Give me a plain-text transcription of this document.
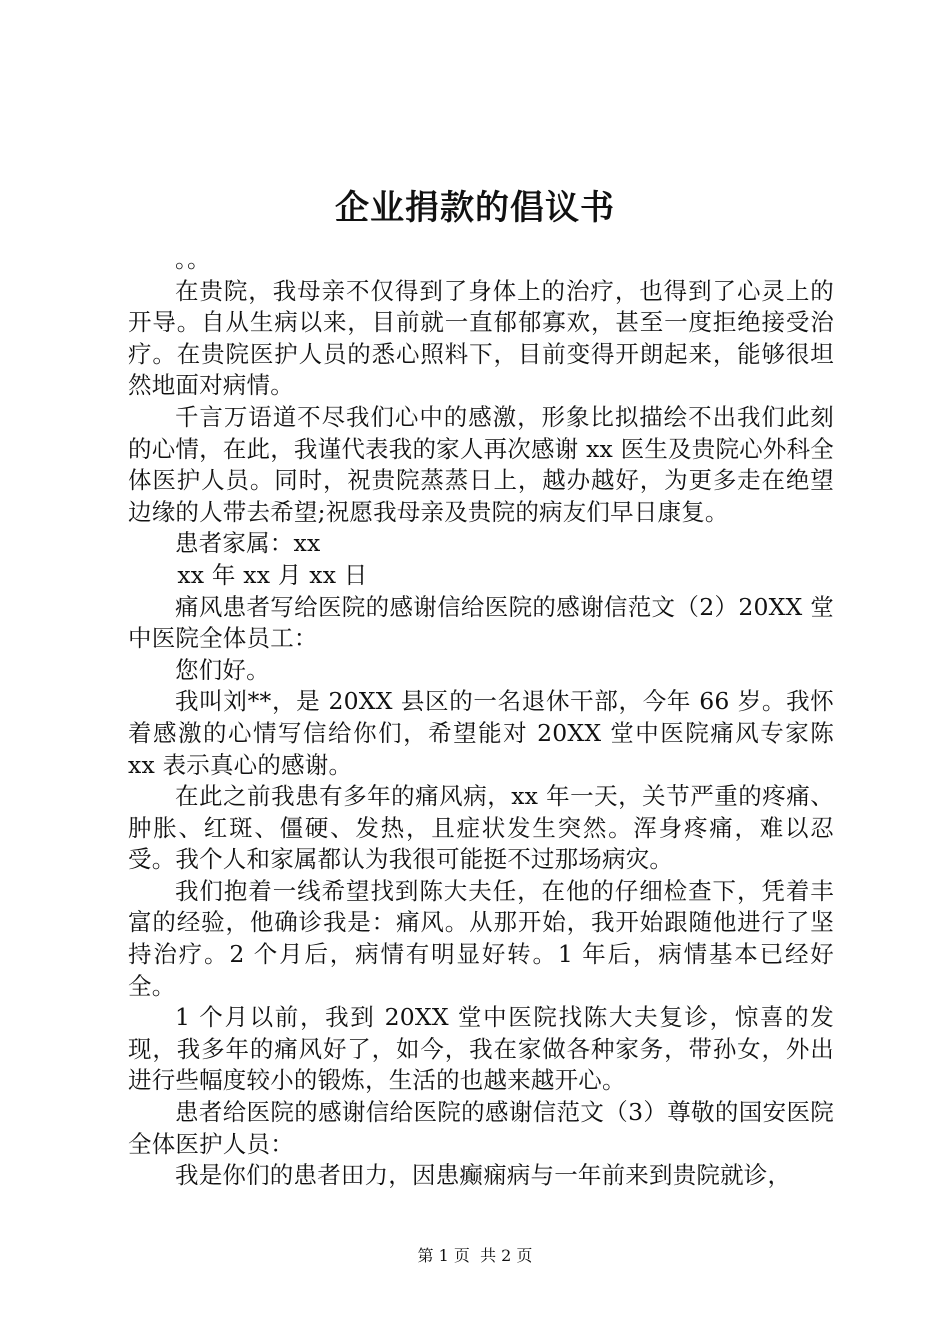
企业捐款的倡议书

。。

在贵院，我母亲不仅得到了身体上的治疗，也得到了心灵上的开导。自从生病以来，目前就一直郁郁寡欢，甚至一度拒绝接受治疗。在贵院医护人员的悉心照料下，目前变得开朗起来，能够很坦然地面对病情。

千言万语道不尽我们心中的感激，形象比拟描绘不出我们此刻的心情，在此，我谨代表我的家人再次感谢 xx 医生及贵院心外科全体医护人员。同时，祝贵院蒸蒸日上，越办越好，为更多走在绝望边缘的人带去希望;祝愿我母亲及贵院的病友们早日康复。

患者家属：xx

xx 年 xx 月 xx 日

痛风患者写给医院的感谢信给医院的感谢信范文（2）20XX 堂中医院全体员工：

您们好。

我叫刘**，是 20XX 县区的一名退休干部，今年 66 岁。我怀着感激的心情写信给你们，希望能对 20XX 堂中医院痛风专家陈 xx 表示真心的感谢。

在此之前我患有多年的痛风病，xx 年一天，关节严重的疼痛、肿胀、红斑、僵硬、发热，且症状发生突然。浑身疼痛，难以忍受。我个人和家属都认为我很可能挺不过那场病灾。

我们抱着一线希望找到陈大夫任，在他的仔细检查下，凭着丰富的经验，他确诊我是：痛风。从那开始，我开始跟随他进行了坚持治疗。2 个月后，病情有明显好转。1 年后，病情基本已经好全。

1 个月以前，我到 20XX 堂中医院找陈大夫复诊，惊喜的发现，我多年的痛风好了，如今，我在家做各种家务，带孙女，外出进行些幅度较小的锻炼，生活的也越来越开心。

患者给医院的感谢信给医院的感谢信范文（3）尊敬的国安医院全体医护人员：

我是你们的患者田力，因患癫痫病与一年前来到贵院就诊，

第 1 页 共 2 页
